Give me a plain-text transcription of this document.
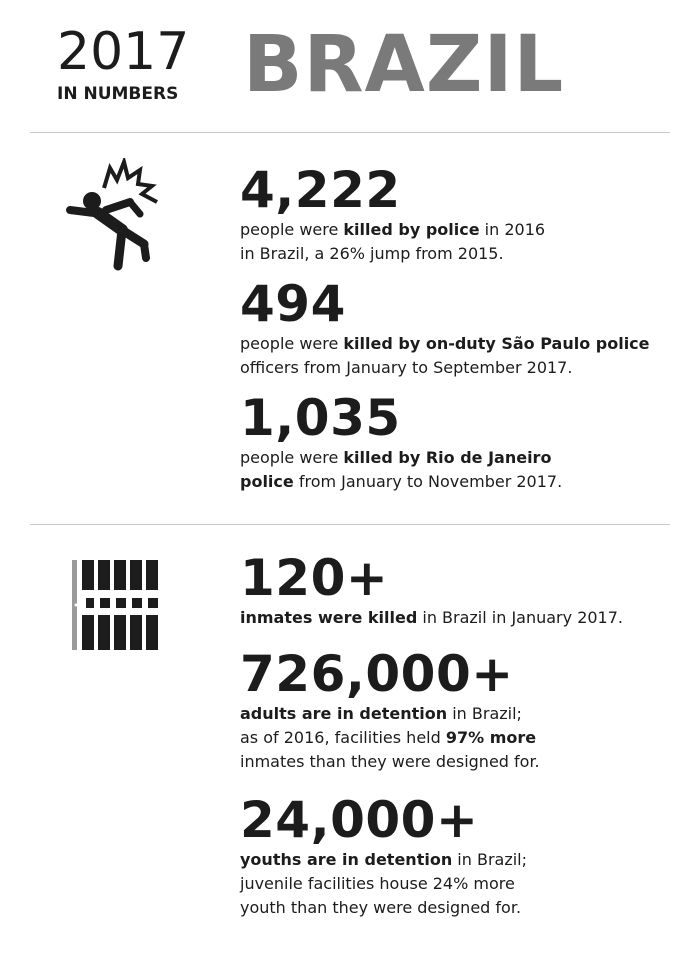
2017
IN NUMBERS BRAZIL
4,222
people were killed by police in 2016
in Brazil, a 26% jump from 2015.
494
people were killed by on-duty São Paulo police
officers from January to September 2017.
1,035
people were killed by Rio de Janeiro
police from January to November 2017.
120+
inmates were killed in Brazil in January 2017.
726,000+
adults are in detention in Brazil;
as of 2016, facilities held 97% more
inmates than they were designed for.
24,000+
youths are in detention in Brazil;
juvenile facilities house 24% more
youth than they were designed for.
